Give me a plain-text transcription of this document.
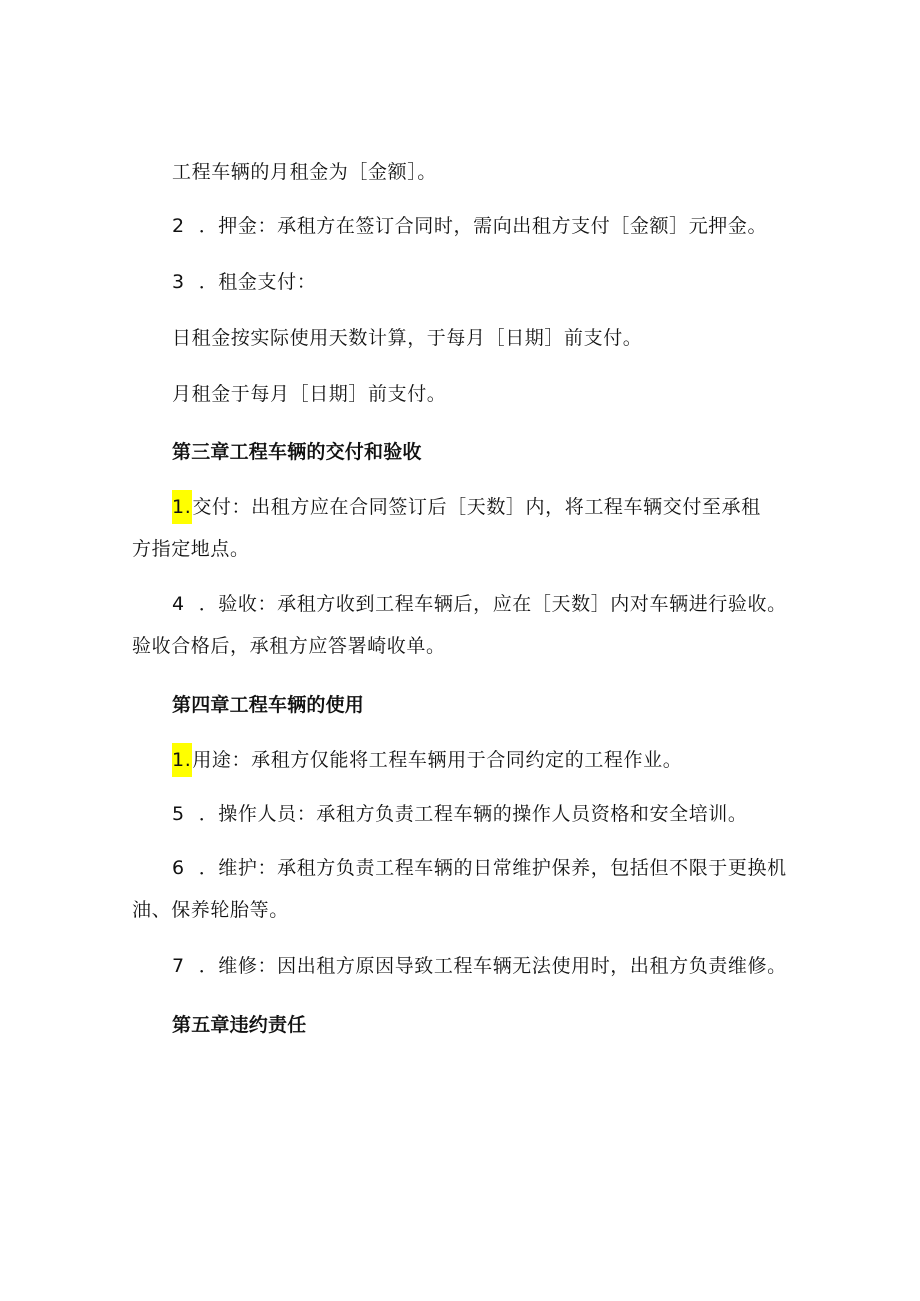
工程车辆的月租金为［金额］。
2 ．押金：承租方在签订合同时，需向出租方支付［金额］元押金。
3 ．租金支付：
日租金按实际使用天数计算，于每月［日期］前支付。
月租金于每月［日期］前支付。
第三章工程车辆的交付和验收
1.交付：出租方应在合同签订后［天数］内，将工程车辆交付至承租
方指定地点。
4 ．验收：承租方收到工程车辆后，应在［天数］内对车辆进行验收。
验收合格后，承租方应答署崎收单。
第四章工程车辆的使用
1.用途：承租方仅能将工程车辆用于合同约定的工程作业。
5 ．操作人员：承租方负责工程车辆的操作人员资格和安全培训。
6 ．维护：承租方负责工程车辆的日常维护保养，包括但不限于更换机
油、保养轮胎等。
7 ．维修：因出租方原因导致工程车辆无法使用时，出租方负责维修。
第五章违约责任
